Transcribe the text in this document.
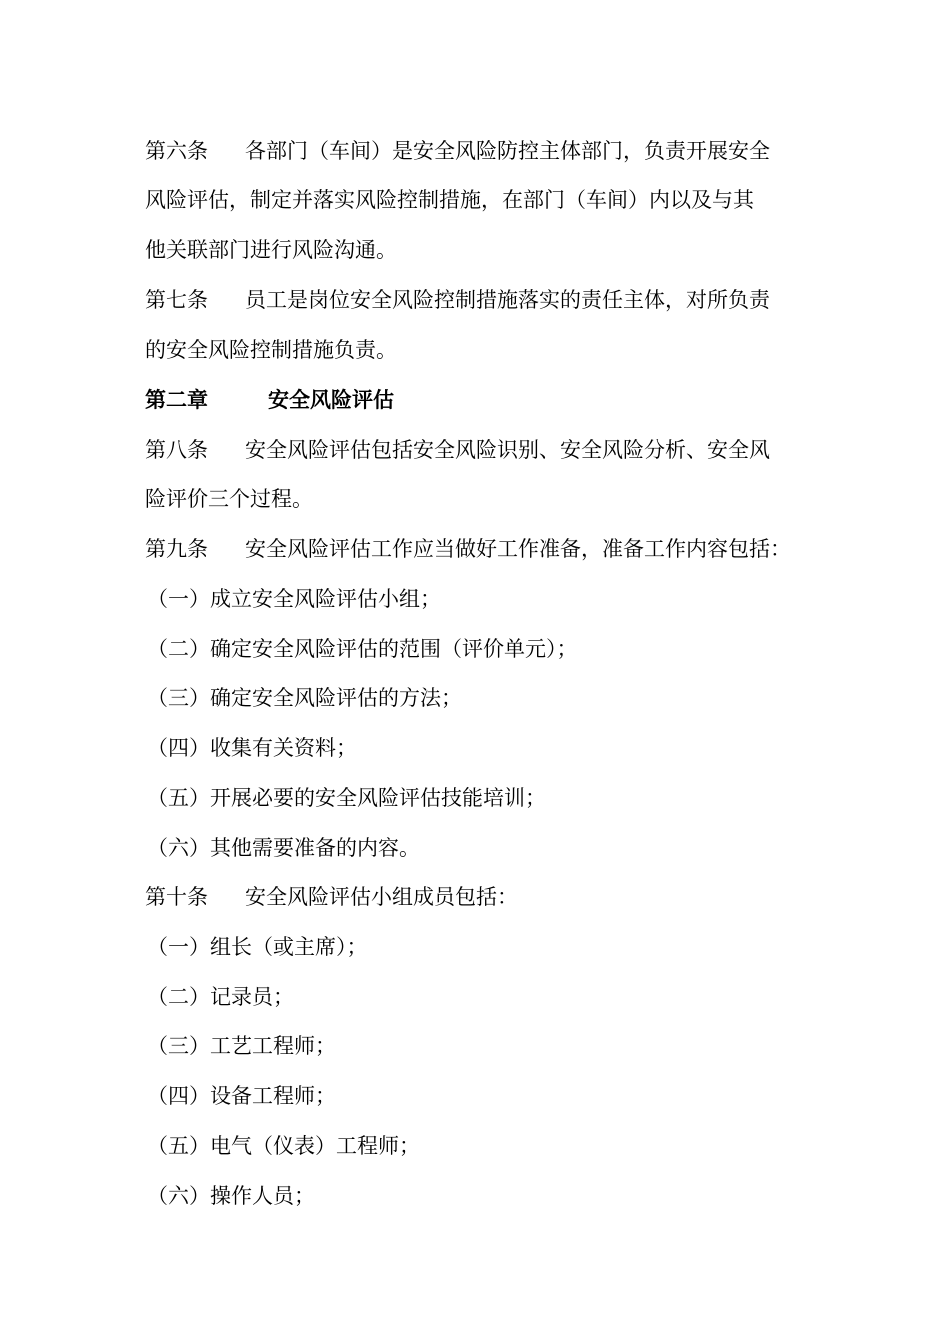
第六条 各部门（车间）是安全风险防控主体部门，负责开展安全
风险评估，制定并落实风险控制措施，在部门（车间）内以及与其
他关联部门进行风险沟通。
第七条 员工是岗位安全风险控制措施落实的责任主体，对所负责
的安全风险控制措施负责。
第二章	安全风险评估
第八条 安全风险评估包括安全风险识别、安全风险分析、安全风
险评价三个过程。
第九条 安全风险评估工作应当做好工作准备，准备工作内容包括：
（一）成立安全风险评估小组；
（二）确定安全风险评估的范围（评价单元）；
（三）确定安全风险评估的方法；
（四）收集有关资料；
（五）开展必要的安全风险评估技能培训；
（六）其他需要准备的内容。
第十条 安全风险评估小组成员包括：
（一）组长（或主席）；
（二）记录员；
（三）工艺工程师；
（四）设备工程师；
（五）电气（仪表）工程师；
（六）操作人员；
